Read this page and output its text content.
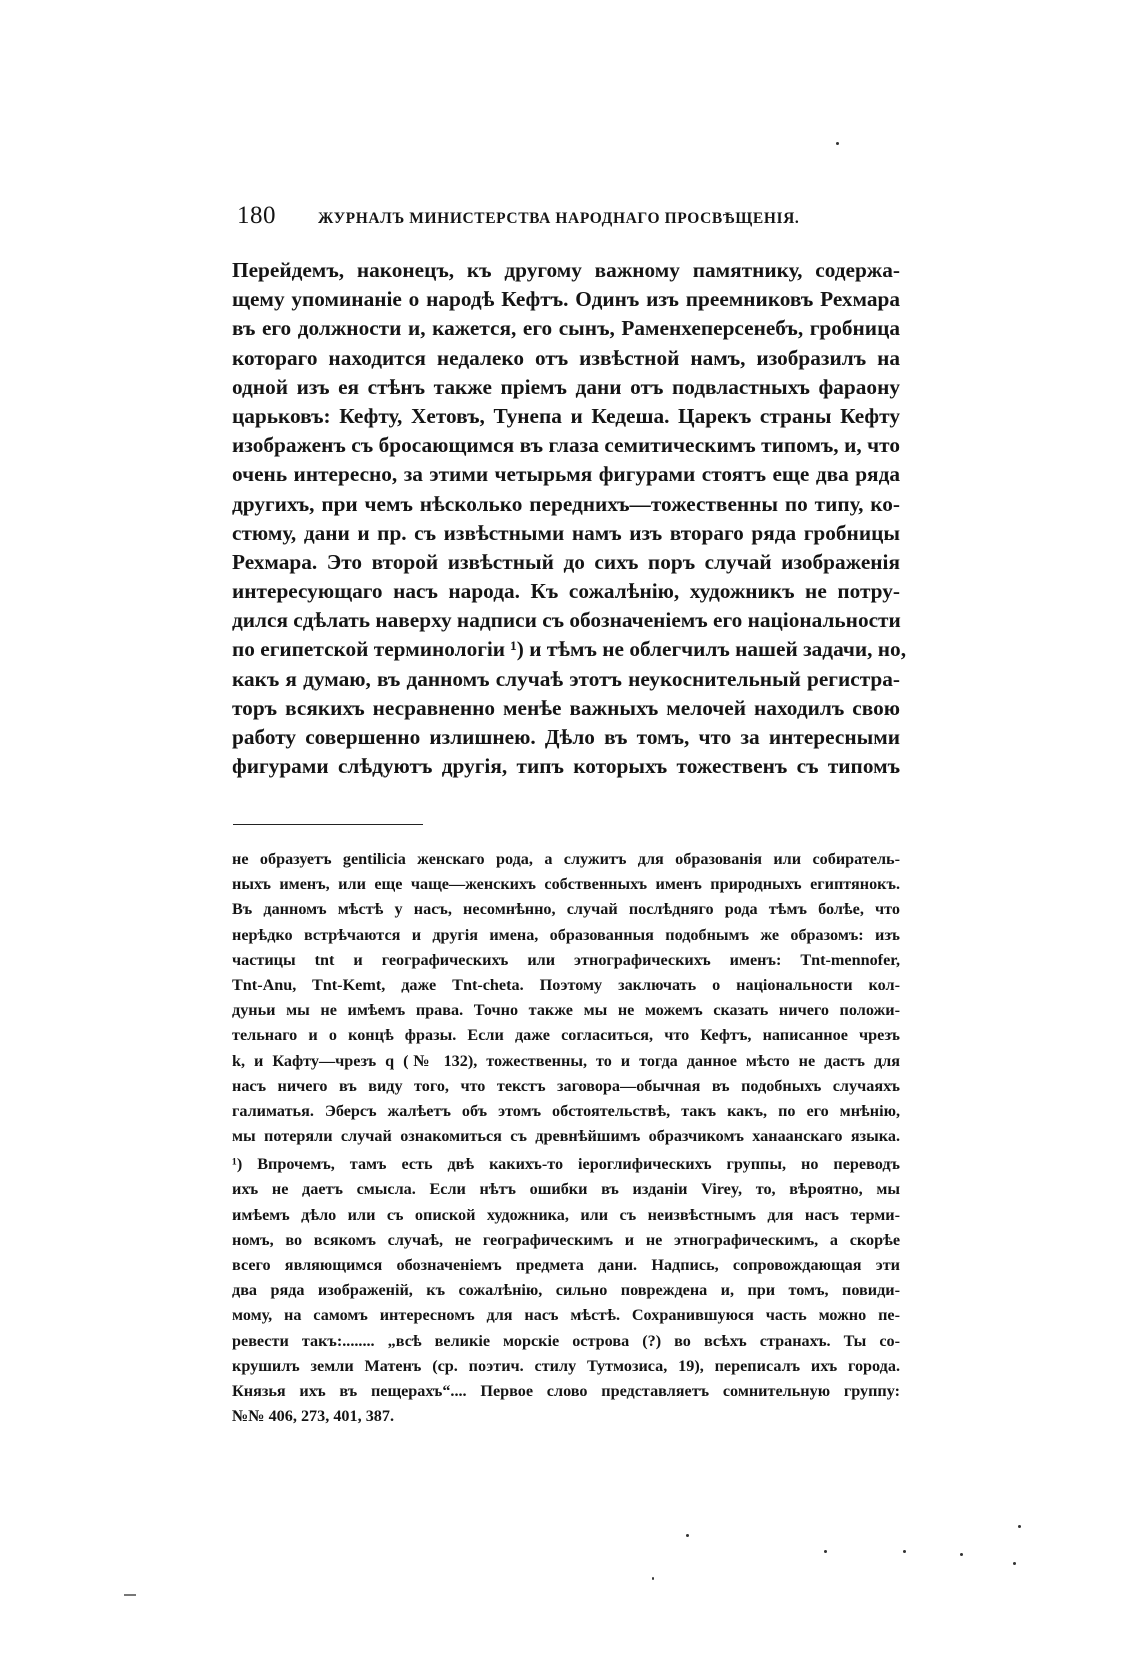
180	ЖУРНАЛЪ МИНИСТЕРСТВА НАРОДНАГО ПРОСВѢЩЕНІЯ.
Перейдемъ, наконецъ, къ другому важному памятнику, содержа-
щему упоминаніе о народѣ Кефтъ. Одинъ изъ преемниковъ Рехмара
въ его должности и, кажется, его сынъ, Раменхеперсенебъ, гробница
котораго находится недалеко отъ извѣстной намъ, изобразилъ на
одной изъ ея стѣнъ также пріемъ дани отъ подвластныхъ фараону
царьковъ: Кефту, Хетовъ, Тунепа и Кедеша. Царекъ страны Кефту
изображенъ съ бросающимся въ глаза семитическимъ типомъ, и, что
очень интересно, за этими четырьмя фигурами стоятъ еще два ряда
другихъ, при чемъ нѣсколько переднихъ—тожественны по типу, ко-
стюму, дани и пр. съ извѣстными намъ изъ втораго ряда гробницы
Рехмара. Это второй извѣстный до сихъ поръ случай изображенія
интересующаго насъ народа. Къ сожалѣнію, художникъ не потру-
дился сдѣлать наверху надписи съ обозначеніемъ его національности
по египетской терминологіи ¹) и тѣмъ не облегчилъ нашей задачи, но,
какъ я думаю, въ данномъ случаѣ этотъ неукоснительный регистра-
торъ всякихъ несравненно менѣе важныхъ мелочей находилъ свою
работу совершенно излишнею. Дѣло въ томъ, что за интересными
фигурами слѣдуютъ другія, типъ которыхъ тожественъ съ типомъ
не образуетъ gentilicia женскаго рода, а служитъ для образованія или собиратель-
ныхъ именъ, или еще чаще—женскихъ собственныхъ именъ природныхъ египтянокъ.
Въ данномъ мѣстѣ у насъ, несомнѣнно, случай послѣдняго рода тѣмъ болѣе, что
нерѣдко встрѣчаются и другія имена, образованныя подобнымъ же образомъ: изъ
частицы tnt и географическихъ или этнографическихъ именъ: Tnt-mennofer,
Tnt-Anu, Tnt-Kemt, даже Tnt-cheta. Поэтому заключать о національности кол-
дуньи мы не имѣемъ права. Точно также мы не можемъ сказать ничего положи-
тельнаго и о концѣ фразы. Если даже согласиться, что Кефтъ, написанное чрезъ
k, и Кафту—чрезъ q (№ 132), тожественны, то и тогда данное мѣсто не дастъ для
насъ ничего въ виду того, что текстъ заговора—обычная въ подобныхъ случаяхъ
галиматья. Эберсъ жалѣетъ объ этомъ обстоятельствѣ, такъ какъ, по его мнѣнію,
мы потеряли случай ознакомиться съ древнѣйшимъ образчикомъ ханаанскаго языка.
¹) Впрочемъ, тамъ есть двѣ какихъ-то іероглифическихъ группы, но переводъ
ихъ не даетъ смысла. Если нѣтъ ошибки въ изданіи Virey, то, вѣроятно, мы
имѣемъ дѣло или съ опиской художника, или съ неизвѣстнымъ для насъ терми-
номъ, во всякомъ случаѣ, не географическимъ и не этнографическимъ, а скорѣе
всего являющимся обозначеніемъ предмета дани. Надпись, сопровождающая эти
два ряда изображеній, къ сожалѣнію, сильно повреждена и, при томъ, повиди-
мому, на самомъ интересномъ для насъ мѣстѣ. Сохранившуюся часть можно пе-
ревести такъ:........ „всѣ великіе морскіе острова (?) во всѣхъ странахъ. Ты со-
крушилъ земли Матенъ (ср. поэтич. стилу Тутмозиса, 19), переписалъ ихъ города.
Князья ихъ въ пещерахъ“.... Первое слово представляетъ сомнительную группу:
№№ 406, 273, 401, 387.
